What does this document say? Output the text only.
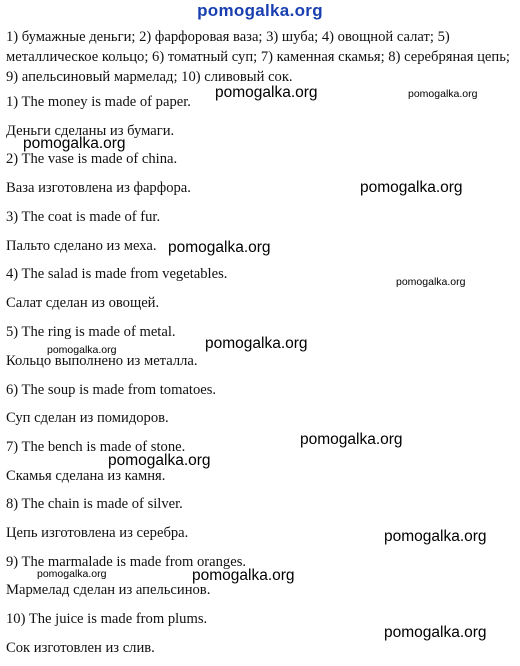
pomogalka.org

1) бумажные деньги; 2) фарфоровая ваза; 3) шуба; 4) овощной салат; 5) металлическое кольцо; 6) томатный суп; 7) каменная скамья; 8) серебряная цепь; 9) апельсиновый мармелад; 10) сливовый сок.

1) The money is made of paper.

Деньги сделаны из бумаги.

2) The vase is made of china.

Ваза изготовлена из фарфора.

3) The coat is made of fur.

Пальто сделано из меха.

4) The salad is made from vegetables.

Салат сделан из овощей.

5) The ring is made of metal.

Кольцо выполнено из металла.

6) The soup is made from tomatoes.

Суп сделан из помидоров.

7) The bench is made of stone.

Скамья сделана из камня.

8) The chain is made of silver.

Цепь изготовлена из серебра.

9) The marmalade is made from oranges.

Мармелад сделан из апельсинов.

10) The juice is made from plums.

Сок изготовлен из слив.

pomogalka.org	pomogalka.org
pomogalka.org
pomogalka.org
pomogalka.org
pomogalka.org
pomogalka.org
pomogalka.org
pomogalka.org
pomogalka.org
pomogalka.org
pomogalka.org	pomogalka.org
pomogalka.org
